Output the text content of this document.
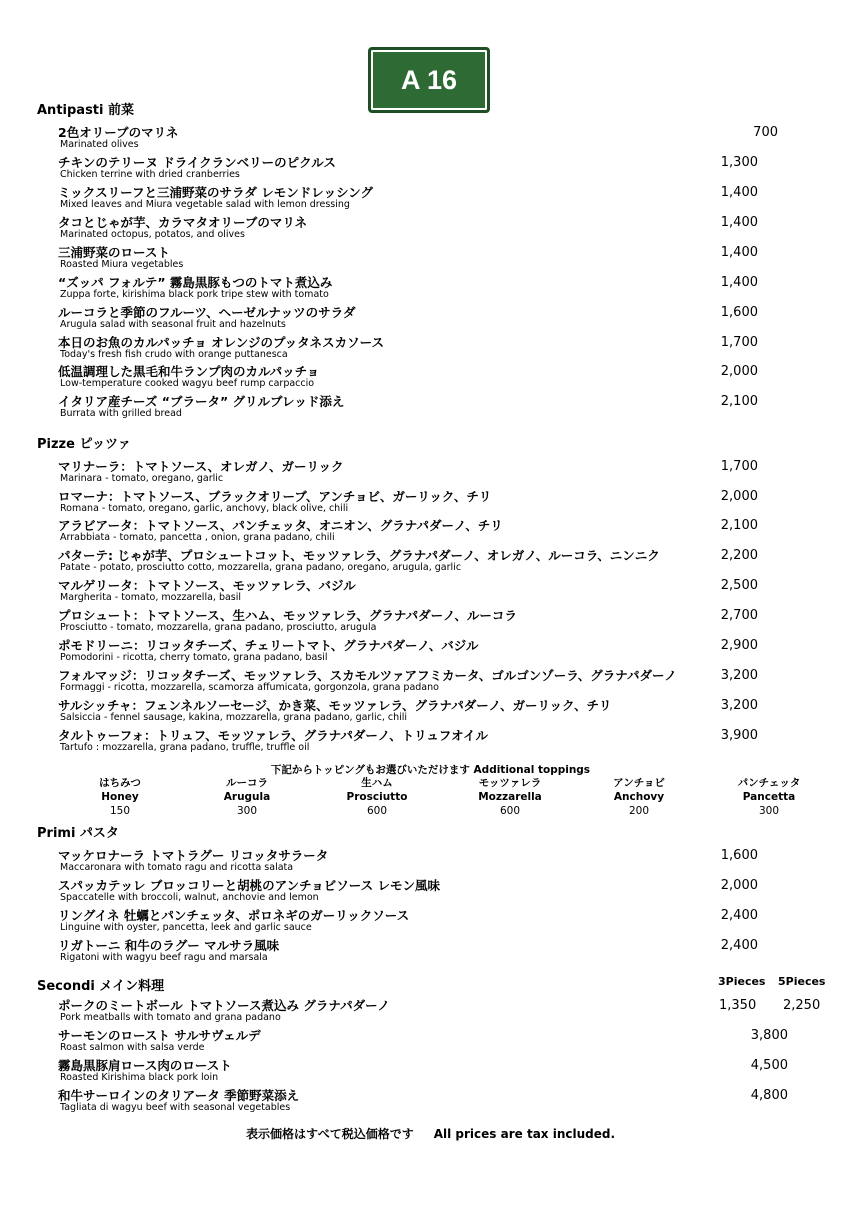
A 16
Antipasti 前菜
2色オリーブのマリネ
Marinated olives
700
チキンのテリーヌ ドライクランベリーのピクルス
Chicken terrine with dried cranberries
1,300
ミックスリーフと三浦野菜のサラダ レモンドレッシング
Mixed leaves and Miura vegetable salad with lemon dressing
1,400
タコとじゃが芋、カラマタオリーブのマリネ
Marinated octopus, potatos, and olives
1,400
三浦野菜のロースト
Roasted Miura vegetables
1,400
“ズッパ フォルテ” 霧島黒豚もつのトマト煮込み
Zuppa forte, kirishima black pork tripe stew with tomato
1,400
ルーコラと季節のフルーツ、ヘーゼルナッツのサラダ
Arugula salad with seasonal fruit and hazelnuts
1,600
本日のお魚のカルパッチョ オレンジのプッタネスカソース
Today's fresh fish crudo with orange puttanesca
1,700
低温調理した黒毛和牛ランプ肉のカルパッチョ
Low-temperature cooked wagyu beef rump carpaccio
2,000
イタリア産チーズ “ブラータ” グリルブレッド添え
Burrata with grilled bread
2,100
Pizze ピッツァ
マリナーラ：トマトソース、オレガノ、ガーリック
Marinara - tomato, oregano, garlic
1,700
ロマーナ：トマトソース、ブラックオリーブ、アンチョビ、ガーリック、チリ
Romana - tomato, oregano, garlic, anchovy, black olive, chili
2,000
アラビアータ：トマトソース、パンチェッタ、オニオン、グラナパダーノ、チリ
Arrabbiata - tomato, pancetta , onion, grana padano, chili
2,100
パターテ: じゃが芋、プロシュートコット、モッツァレラ、グラナパダーノ、オレガノ、ルーコラ、ニンニク
Patate - potato, prosciutto cotto, mozzarella, grana padano, oregano, arugula, garlic
2,200
マルゲリータ：トマトソース、モッツァレラ、バジル
Margherita - tomato, mozzarella, basil
2,500
プロシュート：トマトソース、生ハム、モッツァレラ、グラナパダーノ、ルーコラ
Prosciutto - tomato, mozzarella, grana padano, prosciutto, arugula
2,700
ポモドリーニ：リコッタチーズ、チェリートマト、グラナパダーノ、バジル
Pomodorini - ricotta, cherry tomato, grana padano, basil
2,900
フォルマッジ：リコッタチーズ、モッツァレラ、スカモルツァアフミカータ、ゴルゴンゾーラ、グラナパダーノ
Formaggi - ricotta, mozzarella, scamorza affumicata, gorgonzola, grana padano
3,200
サルシッチャ：フェンネルソーセージ、かき菜、モッツァレラ、グラナパダーノ、ガーリック、チリ
Salsiccia - fennel sausage, kakina, mozzarella, grana padano, garlic, chili
3,200
タルトゥーフォ：トリュフ、モッツァレラ、グラナパダーノ、トリュフオイル
Tartufo : mozzarella, grana padano, truffle, truffle oil
3,900
下記からトッピングもお選びいただけます Additional toppings
はちみつ
Honey
150
ルーコラ
Arugula
300
生ハム
Prosciutto
600
モッツァレラ
Mozzarella
600
アンチョビ
Anchovy
200
パンチェッタ
Pancetta
300
Primi パスタ
マッケロナーラ トマトラグー リコッタサラータ
Maccaronara with tomato ragu and ricotta salata
1,600
スパッカテッレ ブロッコリーと胡桃のアンチョビソース レモン風味
Spaccatelle with broccoli, walnut, anchovie and lemon
2,000
リングイネ 牡蠣とパンチェッタ、ポロネギのガーリックソース
Linguine with oyster, pancetta, leek and garlic sauce
2,400
リガトーニ 和牛のラグー マルサラ風味
Rigatoni with wagyu beef ragu and marsala
2,400
Secondi メイン料理	3Pieces 5Pieces
ポークのミートボール トマトソース煮込み グラナパダーノ
Pork meatballs with tomato and grana padano
1,350 2,250
サーモンのロースト サルサヴェルデ
Roast salmon with salsa verde
3,800
霧島黒豚肩ロース肉のロースト
Roasted Kirishima black pork loin
4,500
和牛サーロインのタリアータ 季節野菜添え
Tagliata di wagyu beef with seasonal vegetables
4,800
表示価格はすべて税込価格です All prices are tax included.
